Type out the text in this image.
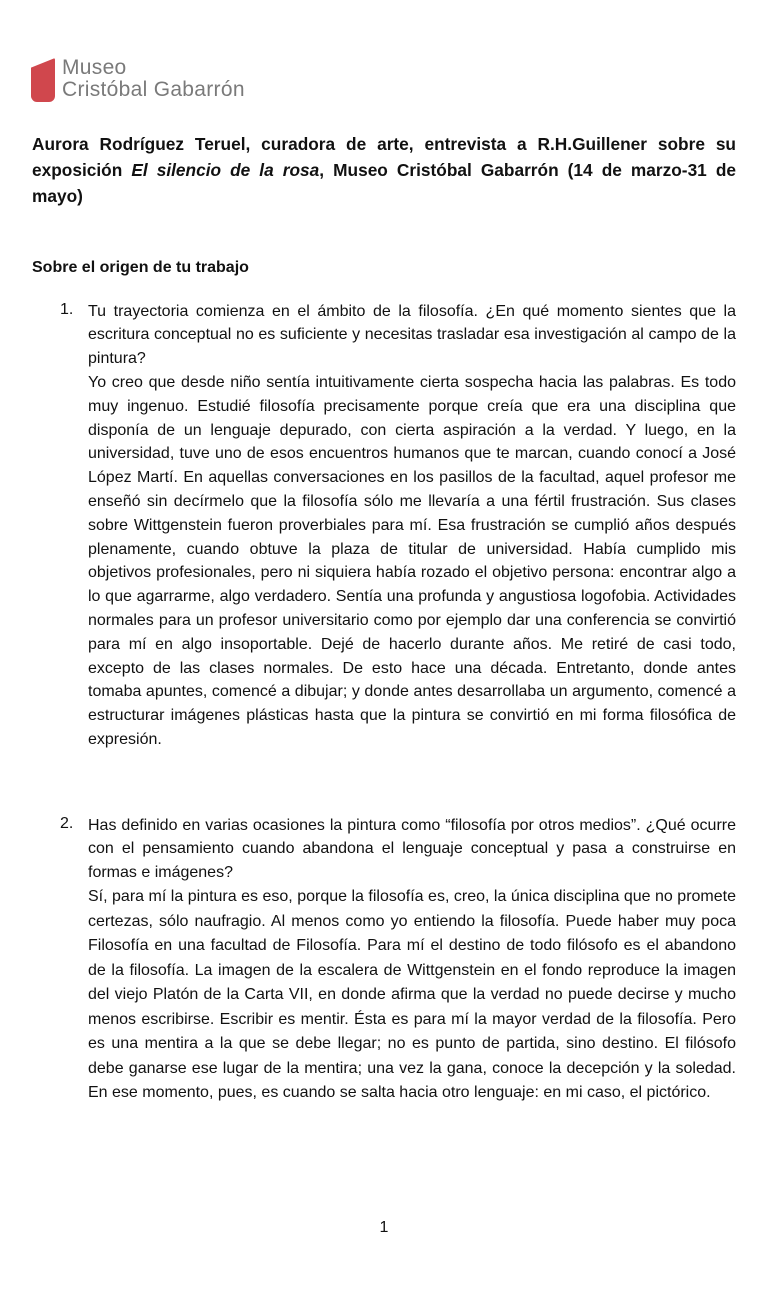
Museo
Cristóbal Gabarrón
Aurora Rodríguez Teruel, curadora de arte, entrevista a R.H.Guillener sobre su exposición El silencio de la rosa, Museo Cristóbal Gabarrón (14 de marzo-31 de mayo)
Sobre el origen de tu trabajo
1. Tu trayectoria comienza en el ámbito de la filosofía. ¿En qué momento sientes que la escritura conceptual no es suficiente y necesitas trasladar esa investigación al campo de la pintura?
Yo creo que desde niño sentía intuitivamente cierta sospecha hacia las palabras. Es todo muy ingenuo. Estudié filosofía precisamente porque creía que era una disciplina que disponía de un lenguaje depurado, con cierta aspiración a la verdad. Y luego, en la universidad, tuve uno de esos encuentros humanos que te marcan, cuando conocí a José López Martí. En aquellas conversaciones en los pasillos de la facultad, aquel profesor me enseñó sin decírmelo que la filosofía sólo me llevaría a una fértil frustración. Sus clases sobre Wittgenstein fueron proverbiales para mí. Esa frustración se cumplió años después plenamente, cuando obtuve la plaza de titular de universidad. Había cumplido mis objetivos profesionales, pero ni siquiera había rozado el objetivo persona: encontrar algo a lo que agarrarme, algo verdadero. Sentía una profunda y angustiosa logofobia. Actividades normales para un profesor universitario como por ejemplo dar una conferencia se convirtió para mí en algo insoportable. Dejé de hacerlo durante años. Me retiré de casi todo, excepto de las clases normales. De esto hace una década. Entretanto, donde antes tomaba apuntes, comencé a dibujar; y donde antes desarrollaba un argumento, comencé a estructurar imágenes plásticas hasta que la pintura se convirtió en mi forma filosófica de expresión.
2. Has definido en varias ocasiones la pintura como “filosofía por otros medios”. ¿Qué ocurre con el pensamiento cuando abandona el lenguaje conceptual y pasa a construirse en formas e imágenes?
Sí, para mí la pintura es eso, porque la filosofía es, creo, la única disciplina que no promete certezas, sólo naufragio. Al menos como yo entiendo la filosofía. Puede haber muy poca Filosofía en una facultad de Filosofía. Para mí el destino de todo filósofo es el abandono de la filosofía. La imagen de la escalera de Wittgenstein en el fondo reproduce la imagen del viejo Platón de la Carta VII, en donde afirma que la verdad no puede decirse y mucho menos escribirse. Escribir es mentir. Ésta es para mí la mayor verdad de la filosofía. Pero es una mentira a la que se debe llegar; no es punto de partida, sino destino. El filósofo debe ganarse ese lugar de la mentira; una vez la gana, conoce la decepción y la soledad. En ese momento, pues, es cuando se salta hacia otro lenguaje: en mi caso, el pictórico.
1
